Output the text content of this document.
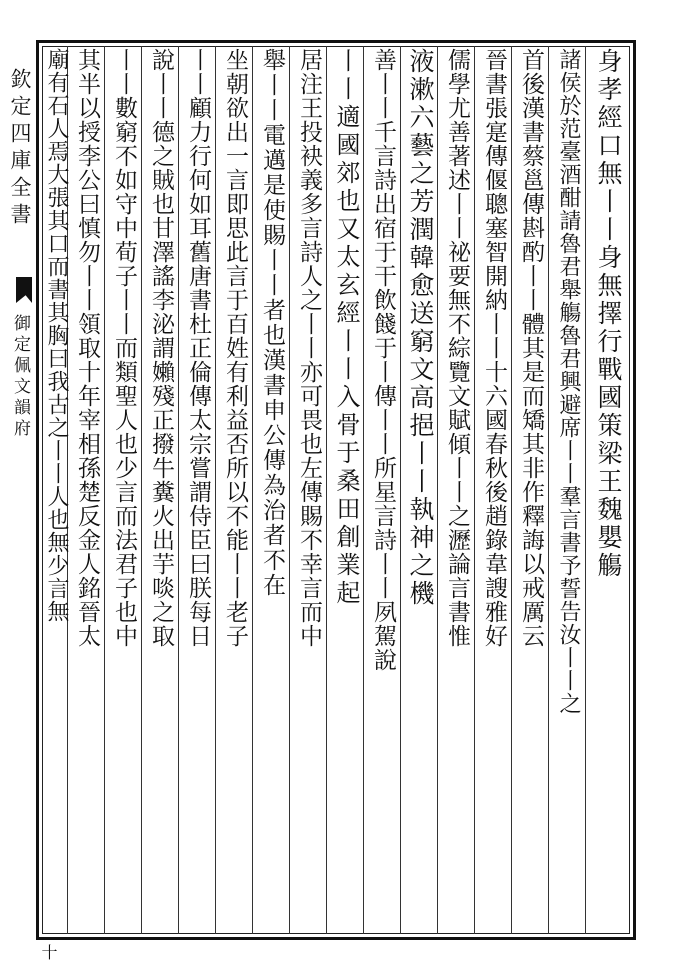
欽定四庫全書
御定佩文韻府
十
身孝經口無丨丨身無擇行戰國策梁王魏嬰觴
諸侯於范臺酒酣請魯君舉觴魯君興避席丨丨羣言書予誓告汝丨丨之
首後漢書蔡邕傳斟酌丨丨體其是而矯其非作釋誨以戒厲云
晉書張寔傳偃聰塞智開納丨丨十六國春秋後趙錄韋謏雅好
儒學尤善著述丨丨祕要無不綜覽文賦傾丨丨之瀝論言書惟
液漱六藝之芳潤韓愈送窮文高挹丨丨執神之機
善丨丨千言詩出宿于干飲餞于丨傳丨丨所星言詩丨丨夙駕說
丨丨適國郊也又太玄經丨丨入骨于桑田創業起
居注王投袂義多言詩人之丨丨亦可畏也左傳賜不幸言而中
舉丨丨電邁是使賜丨丨者也漢書申公傳為治者不在
坐朝欲出一言即思此言于百姓有利益否所以不能丨丨老子
丨丨顧力行何如耳舊唐書杜正倫傳太宗嘗謂侍臣曰朕每日
說丨丨德之賊也甘澤謠李泌謂嬾殘正撥牛糞火出芋啖之取
丨丨數窮不如守中荀子丨丨而類聖人也少言而法君子也中
其半以授李公曰慎勿丨丨領取十年宰相孫楚反金人銘晉太
廟有石人焉大張其口而書其胸曰我古之丨丨人也無少言無
